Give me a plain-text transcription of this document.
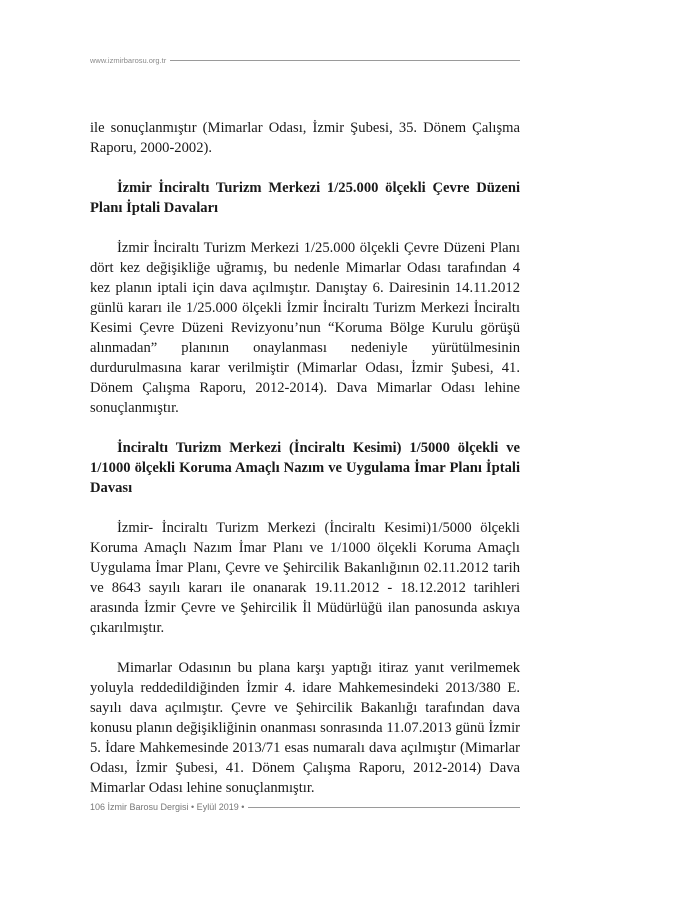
www.izmirbarosu.org.tr

ile sonuçlanmıştır (Mimarlar Odası, İzmir Şubesi, 35. Dönem Çalışma Raporu, 2000-2002).

İzmir İnciraltı Turizm Merkezi 1/25.000 ölçekli Çevre Düzeni Planı İptali Davaları

İzmir İnciraltı Turizm Merkezi 1/25.000 ölçekli Çevre Düzeni Planı dört kez değişikliğe uğramış, bu nedenle Mimarlar Odası tarafından 4 kez planın iptali için dava açılmıştır. Danıştay 6. Dairesinin 14.11.2012 günlü kararı ile 1/25.000 ölçekli İzmir İnciraltı Turizm Merkezi İnciraltı Kesimi Çevre Düzeni Revizyonu’nun “Koruma Bölge Kurulu görüşü alınmadan” planının onaylanması nedeniyle yürütülmesinin durdurulmasına karar verilmiştir (Mimarlar Odası, İzmir Şubesi, 41. Dönem Çalışma Raporu, 2012-2014). Dava Mimarlar Odası lehine sonuçlanmıştır.

İnciraltı Turizm Merkezi (İnciraltı Kesimi) 1/5000 ölçekli ve 1/1000 ölçekli Koruma Amaçlı Nazım ve Uygulama İmar Planı İptali Davası

İzmir- İnciraltı Turizm Merkezi (İnciraltı Kesimi)1/5000 ölçekli Koruma Amaçlı Nazım İmar Planı ve 1/1000 ölçekli Koruma Amaçlı Uygulama İmar Planı, Çevre ve Şehircilik Bakanlığının 02.11.2012 tarih ve 8643 sayılı kararı ile onanarak 19.11.2012 - 18.12.2012 tarihleri arasında İzmir Çevre ve Şehircilik İl Müdürlüğü ilan panosunda askıya çıkarılmıştır.

Mimarlar Odasının bu plana karşı yaptığı itiraz yanıt verilmemek yoluyla reddedildiğinden İzmir 4. idare Mahkemesindeki 2013/380 E. sayılı dava açılmıştır. Çevre ve Şehircilik Bakanlığı tarafından dava konusu planın değişikliğinin onanması sonrasında 11.07.2013 günü İzmir 5. İdare Mahkemesinde 2013/71 esas numaralı dava açılmıştır (Mimarlar Odası, İzmir Şubesi, 41. Dönem Çalışma Raporu, 2012-2014) Dava Mimarlar Odası lehine sonuçlanmıştır.

106 İzmir Barosu Dergisi • Eylül 2019 •
